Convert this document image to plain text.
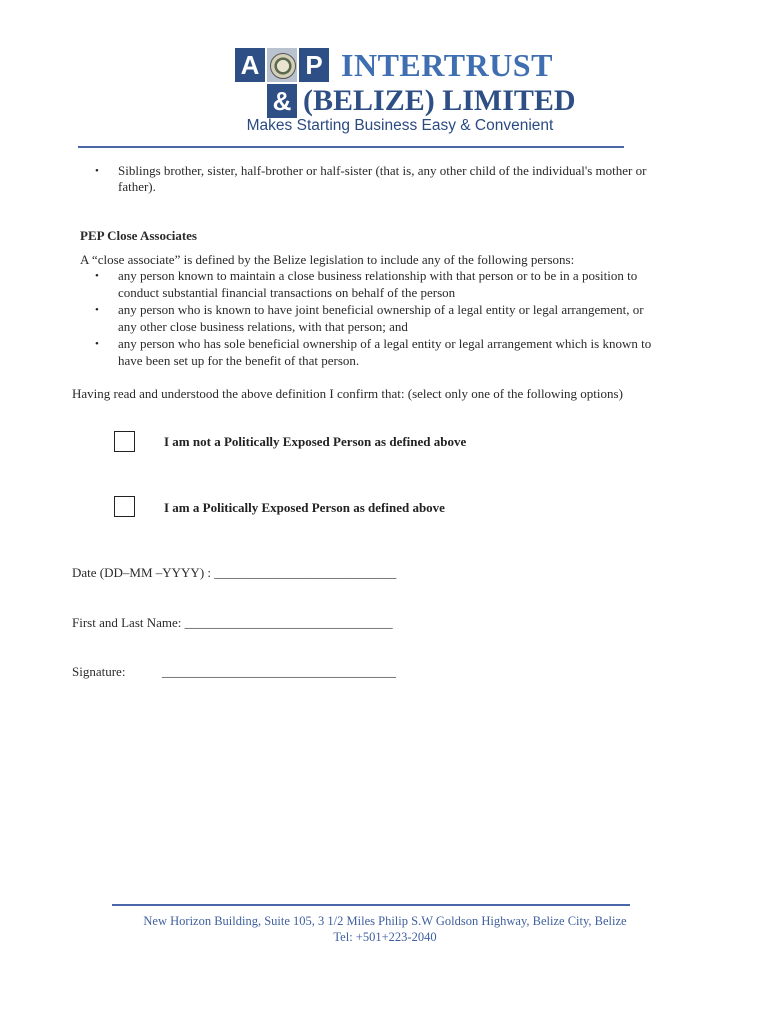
A P
&
INTERTRUST
(BELIZE) LIMITED
Makes Starting Business Easy & Convenient
• Siblings brother, sister, half-brother or half-sister (that is, any other child of the individual's mother or
father).
PEP Close Associates
A “close associate” is defined by the Belize legislation to include any of the following persons:
• any person known to maintain a close business relationship with that person or to be in a position to
conduct substantial financial transactions on behalf of the person
• any person who is known to have joint beneficial ownership of a legal entity or legal arrangement, or
any other close business relations, with that person; and
• any person who has sole beneficial ownership of a legal entity or legal arrangement which is known to
have been set up for the benefit of that person.
Having read and understood the above definition I confirm that: (select only one of the following options)
I am not a Politically Exposed Person as defined above
I am a Politically Exposed Person as defined above
Date (DD–MM –YYYY) : ____________________________
First and Last Name: ________________________________
Signature:	____________________________________
New Horizon Building, Suite 105, 3 1/2 Miles Philip S.W Goldson Highway, Belize City, Belize
Tel: +501+223-2040
